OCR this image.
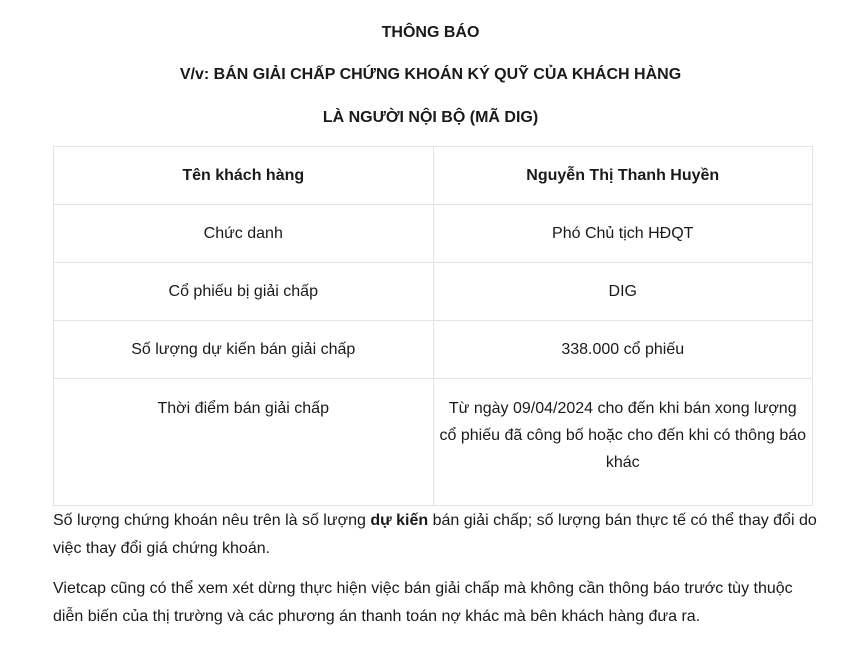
THÔNG BÁO
V/v: BÁN GIẢI CHẤP CHỨNG KHOÁN KÝ QUỸ CỦA KHÁCH HÀNG
LÀ NGƯỜI NỘI BỘ (MÃ DIG)
Tên khách hàng	Nguyễn Thị Thanh Huyền
Chức danh	Phó Chủ tịch HĐQT
Cổ phiếu bị giải chấp	DIG
Số lượng dự kiến bán giải chấp	338.000 cổ phiếu
Thời điểm bán giải chấp	Từ ngày 09/04/2024 cho đến khi bán xong lượng cổ phiếu đã công bố hoặc cho đến khi có thông báo khác
Số lượng chứng khoán nêu trên là số lượng dự kiến bán giải chấp; số lượng bán thực tế có thể thay đổi do việc thay đổi giá chứng khoán.
Vietcap cũng có thể xem xét dừng thực hiện việc bán giải chấp mà không cần thông báo trước tùy thuộc diễn biến của thị trường và các phương án thanh toán nợ khác mà bên khách hàng đưa ra.
